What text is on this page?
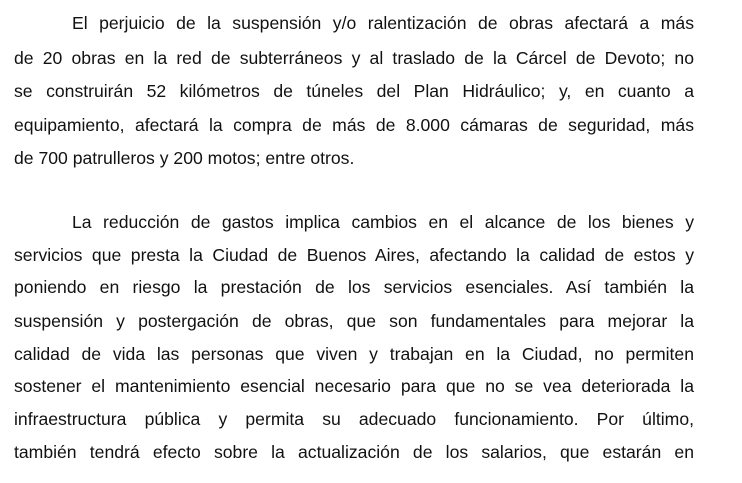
El perjuicio de la suspensión y/o ralentización de obras afectará a más

de 20 obras en la red de subterráneos y al traslado de la Cárcel de Devoto; no

se construirán 52 kilómetros de túneles del Plan Hidráulico; y, en cuanto a

equipamiento, afectará la compra de más de 8.000 cámaras de seguridad, más

de 700 patrulleros y 200 motos; entre otros.

La reducción de gastos implica cambios en el alcance de los bienes y

servicios que presta la Ciudad de Buenos Aires, afectando la calidad de estos y

poniendo en riesgo la prestación de los servicios esenciales. Así también la

suspensión y postergación de obras, que son fundamentales para mejorar la

calidad de vida las personas que viven y trabajan en la Ciudad, no permiten

sostener el mantenimiento esencial necesario para que no se vea deteriorada la

infraestructura pública y permita su adecuado funcionamiento. Por último,

también tendrá efecto sobre la actualización de los salarios, que estarán en
